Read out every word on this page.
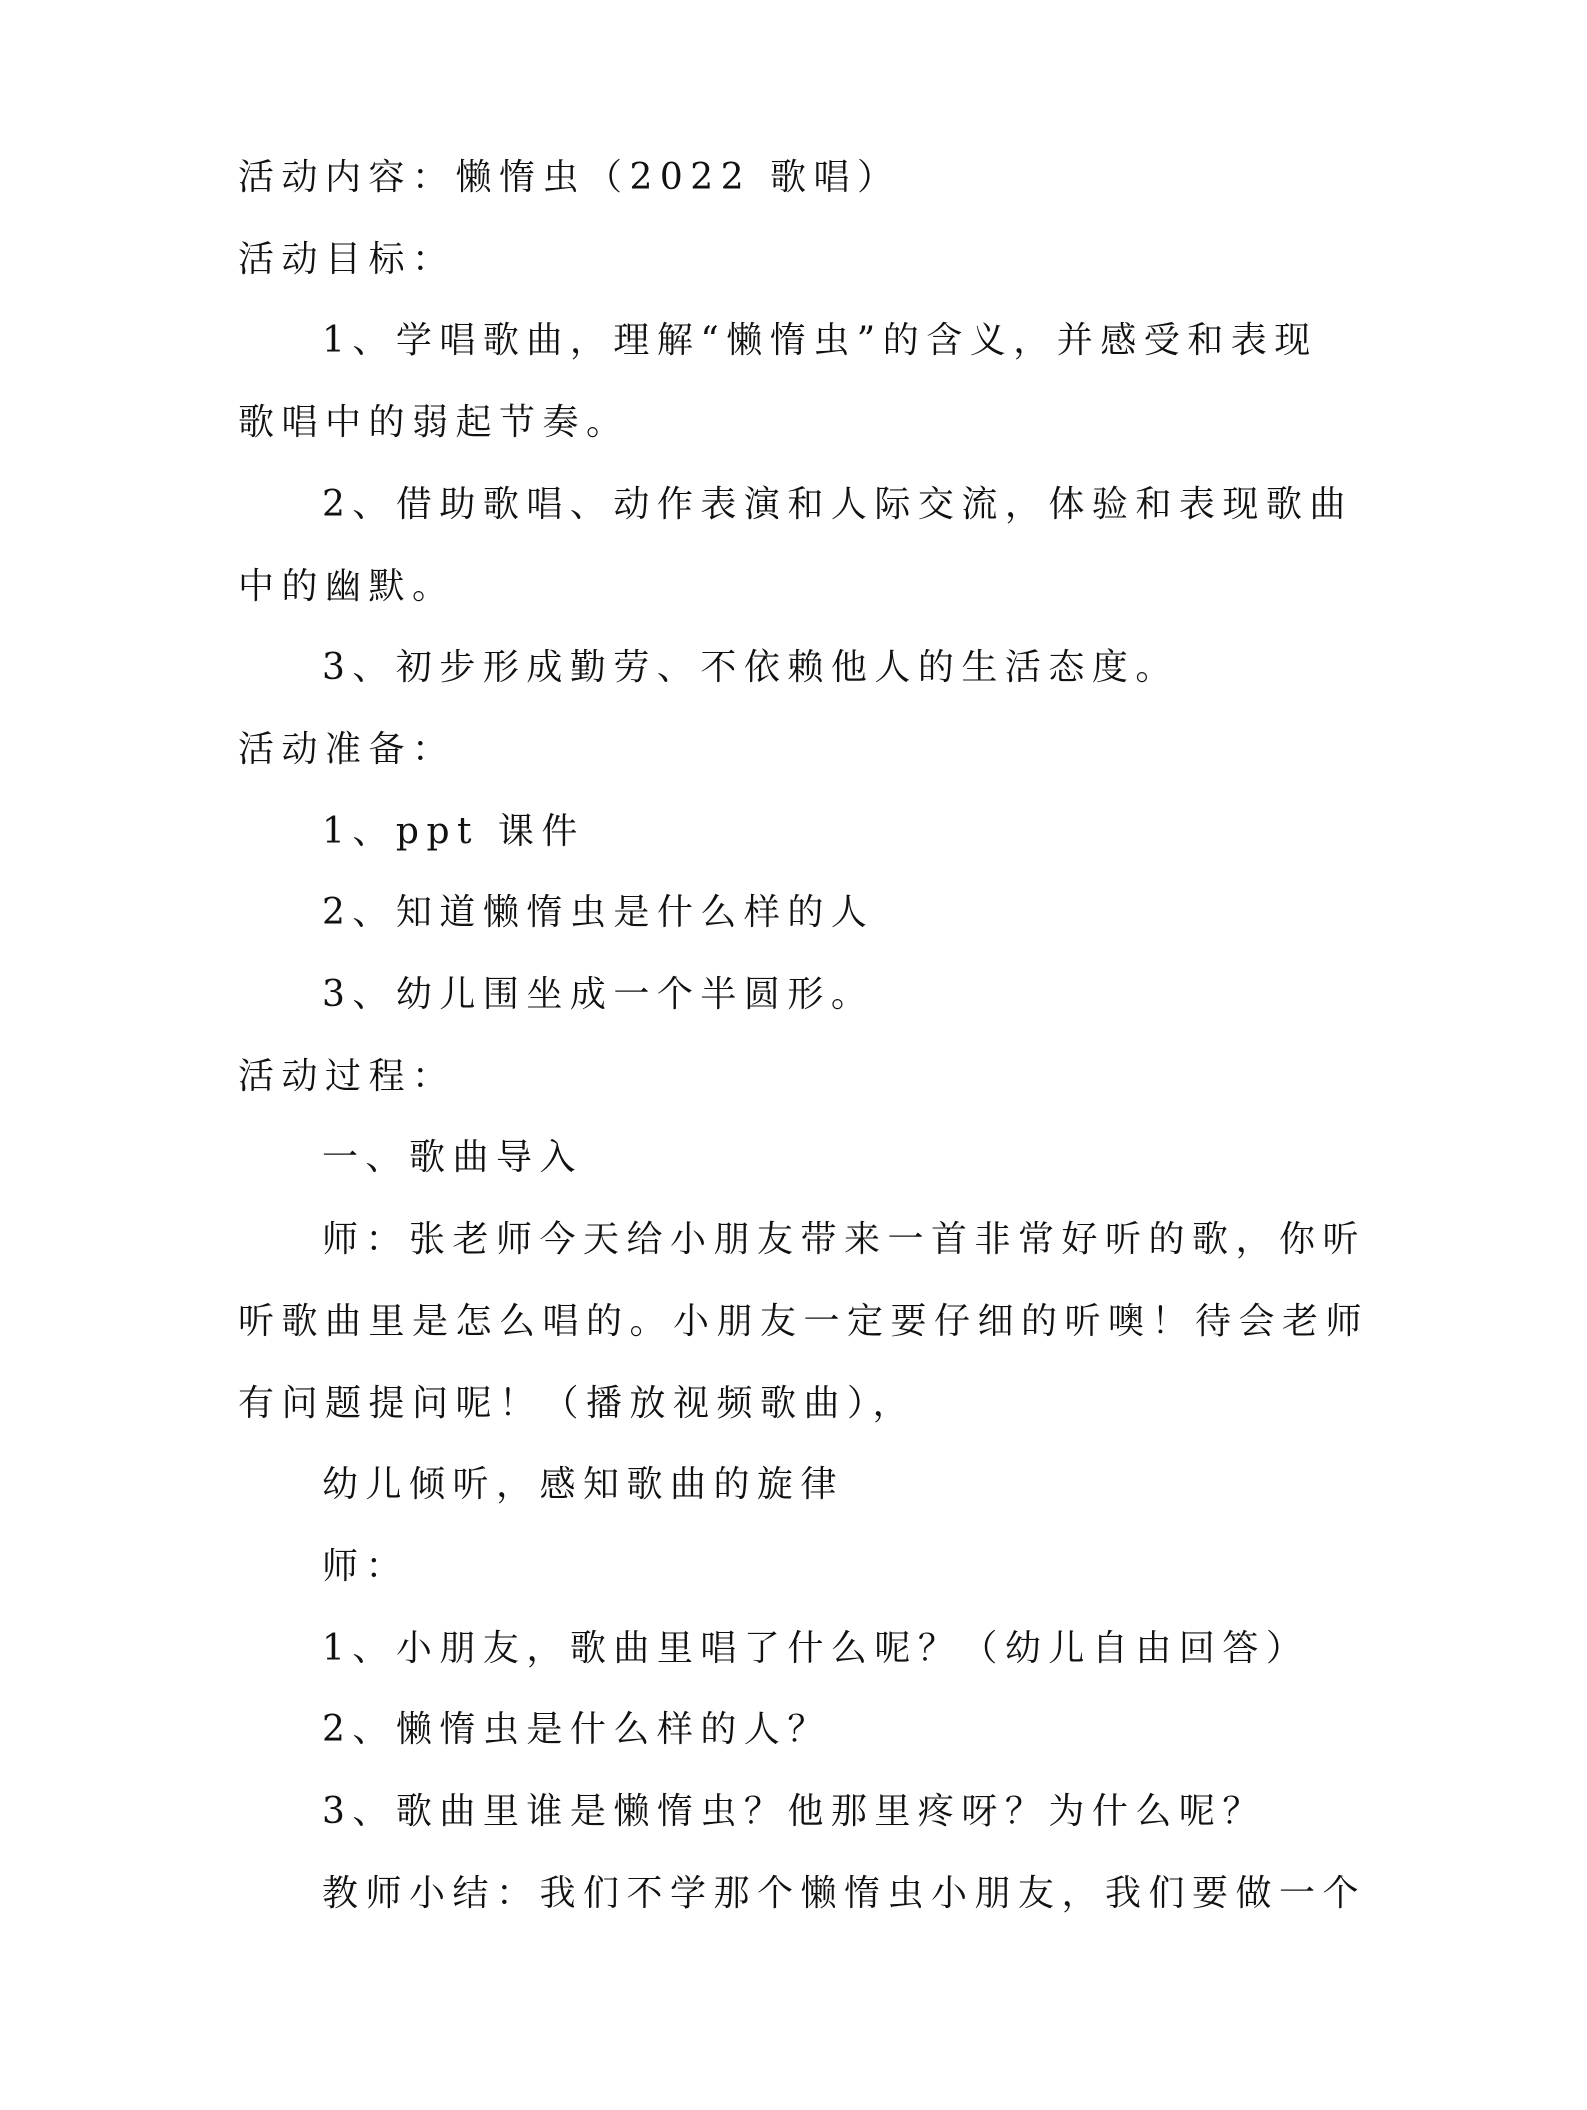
活动内容：懒惰虫（2022 歌唱）
活动目标：
1、学唱歌曲，理解“懒惰虫”的含义，并感受和表现
歌唱中的弱起节奏。
2、借助歌唱、动作表演和人际交流，体验和表现歌曲
中的幽默。
3、初步形成勤劳、不依赖他人的生活态度。
活动准备：
1、ppt 课件
2、知道懒惰虫是什么样的人
3、幼儿围坐成一个半圆形。
活动过程：
一、歌曲导入
师：张老师今天给小朋友带来一首非常好听的歌，你听
听歌曲里是怎么唱的。小朋友一定要仔细的听噢！待会老师
有问题提问呢！（播放视频歌曲），
幼儿倾听，感知歌曲的旋律
师：
1、小朋友，歌曲里唱了什么呢？（幼儿自由回答）
2、懒惰虫是什么样的人？
3、歌曲里谁是懒惰虫？他那里疼呀？为什么呢？
教师小结：我们不学那个懒惰虫小朋友，我们要做一个
